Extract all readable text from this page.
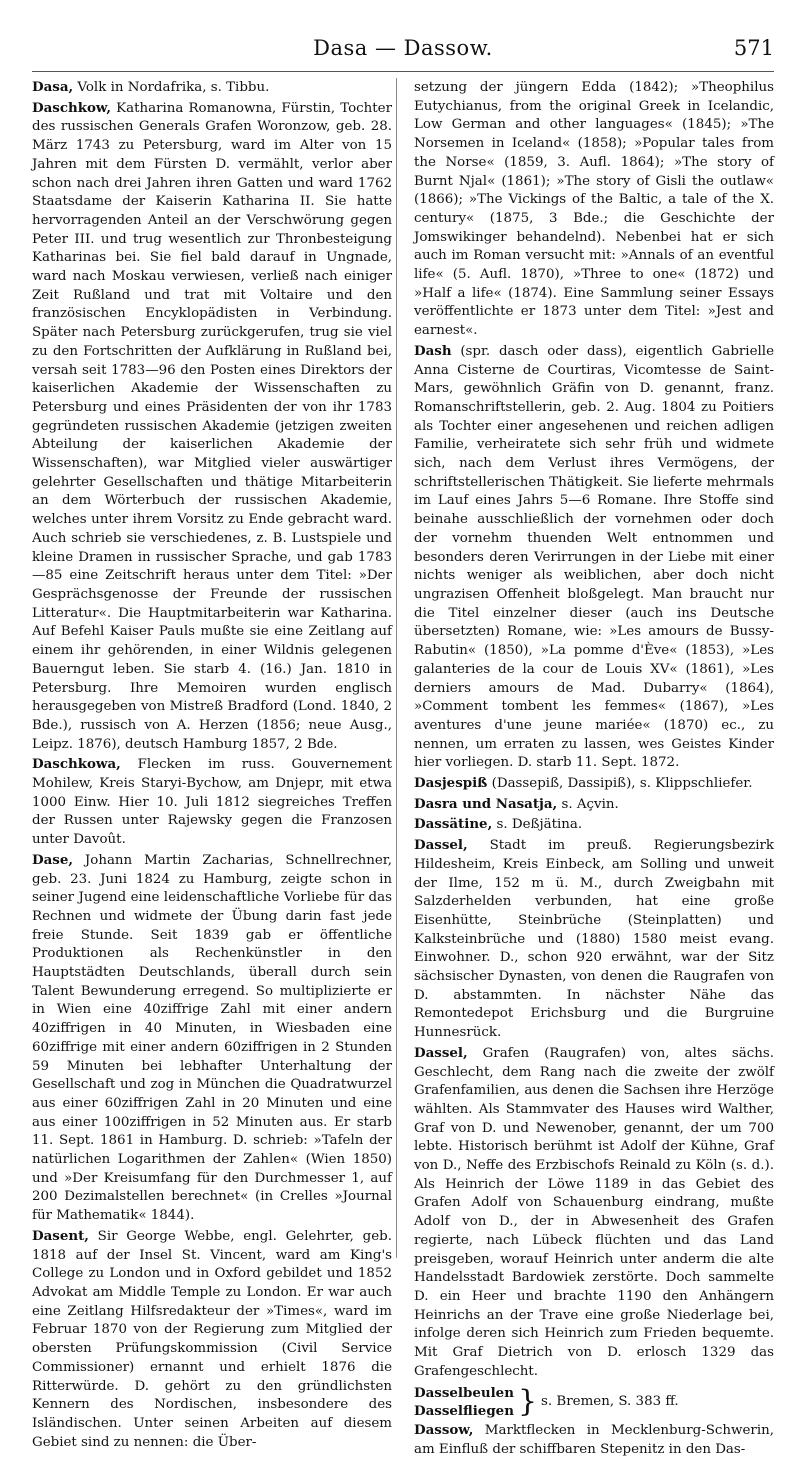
Dasa — Dassow.	571

Dasa, Volk in Nordafrika, s. Tibbu.

Daschkow, Katharina Romanowna, Fürstin, Tochter des russischen Generals Grafen Woronzow, geb. 28. März 1743 zu Petersburg, ward im Alter von 15 Jahren mit dem Fürsten D. vermählt, verlor aber schon nach drei Jahren ihren Gatten und ward 1762 Staatsdame der Kaiserin Katharina II. Sie hatte hervorragenden Anteil an der Verschwörung gegen Peter III. und trug wesentlich zur Thronbesteigung Katharinas bei. Sie fiel bald darauf in Ungnade, ward nach Moskau verwiesen, verließ nach einiger Zeit Rußland und trat mit Voltaire und den französischen Encyklopädisten in Verbindung. Später nach Petersburg zurückgerufen, trug sie viel zu den Fortschritten der Aufklärung in Rußland bei, versah seit 1783—96 den Posten eines Direktors der kaiserlichen Akademie der Wissenschaften zu Petersburg und eines Präsidenten der von ihr 1783 gegründeten russischen Akademie (jetzigen zweiten Abteilung der kaiserlichen Akademie der Wissenschaften), war Mitglied vieler auswärtiger gelehrter Gesellschaften und thätige Mitarbeiterin an dem Wörterbuch der russischen Akademie, welches unter ihrem Vorsitz zu Ende gebracht ward. Auch schrieb sie verschiedenes, z. B. Lustspiele und kleine Dramen in russischer Sprache, und gab 1783—85 eine Zeitschrift heraus unter dem Titel: »Der Gesprächsgenosse der Freunde der russischen Litteratur«. Die Hauptmitarbeiterin war Katharina. Auf Befehl Kaiser Pauls mußte sie eine Zeitlang auf einem ihr gehörenden, in einer Wildnis gelegenen Bauerngut leben. Sie starb 4. (16.) Jan. 1810 in Petersburg. Ihre Memoiren wurden englisch herausgegeben von Mistreß Bradford (Lond. 1840, 2 Bde.), russisch von A. Herzen (1856; neue Ausg., Leipz. 1876), deutsch Hamburg 1857, 2 Bde.

Daschkowa, Flecken im russ. Gouvernement Mohilew, Kreis Staryi-Bychow, am Dnjepr, mit etwa 1000 Einw. Hier 10. Juli 1812 siegreiches Treffen der Russen unter Rajewsky gegen die Franzosen unter Davoût.

Dase, Johann Martin Zacharias, Schnellrechner, geb. 23. Juni 1824 zu Hamburg, zeigte schon in seiner Jugend eine leidenschaftliche Vorliebe für das Rechnen und widmete der Übung darin fast jede freie Stunde. Seit 1839 gab er öffentliche Produktionen als Rechenkünstler in den Hauptstädten Deutschlands, überall durch sein Talent Bewunderung erregend. So multiplizierte er in Wien eine 40ziffrige Zahl mit einer andern 40ziffrigen in 40 Minuten, in Wiesbaden eine 60ziffrige mit einer andern 60ziffrigen in 2 Stunden 59 Minuten bei lebhafter Unterhaltung der Gesellschaft und zog in München die Quadratwurzel aus einer 60ziffrigen Zahl in 20 Minuten und eine aus einer 100ziffrigen in 52 Minuten aus. Er starb 11. Sept. 1861 in Hamburg. D. schrieb: »Tafeln der natürlichen Logarithmen der Zahlen« (Wien 1850) und »Der Kreisumfang für den Durchmesser 1, auf 200 Dezimalstellen berechnet« (in Crelles »Journal für Mathematik« 1844).

Dasent, Sir George Webbe, engl. Gelehrter, geb. 1818 auf der Insel St. Vincent, ward am King's College zu London und in Oxford gebildet und 1852 Advokat am Middle Temple zu London. Er war auch eine Zeitlang Hilfsredakteur der »Times«, ward im Februar 1870 von der Regierung zum Mitglied der obersten Prüfungskommission (Civil Service Commissioner) ernannt und erhielt 1876 die Ritterwürde. D. gehört zu den gründlichsten Kennern des Nordischen, insbesondere des Isländischen. Unter seinen Arbeiten auf diesem Gebiet sind zu nennen: die Über-

setzung der jüngern Edda (1842); »Theophilus Eutychianus, from the original Greek in Icelandic, Low German and other languages« (1845); »The Norsemen in Iceland« (1858); »Popular tales from the Norse« (1859, 3. Aufl. 1864); »The story of Burnt Njal« (1861); »The story of Gisli the outlaw« (1866); »The Vickings of the Baltic, a tale of the X. century« (1875, 3 Bde.; die Geschichte der Jomswikinger behandelnd). Nebenbei hat er sich auch im Roman versucht mit: »Annals of an eventful life« (5. Aufl. 1870), »Three to one« (1872) und »Half a life« (1874). Eine Sammlung seiner Essays veröffentlichte er 1873 unter dem Titel: »Jest and earnest«.

Dash (spr. dasch oder dass), eigentlich Gabrielle Anna Cisterne de Courtiras, Vicomtesse de Saint-Mars, gewöhnlich Gräfin von D. genannt, franz. Romanschriftstellerin, geb. 2. Aug. 1804 zu Poitiers als Tochter einer angesehenen und reichen adligen Familie, verheiratete sich sehr früh und widmete sich, nach dem Verlust ihres Vermögens, der schriftstellerischen Thätigkeit. Sie lieferte mehrmals im Lauf eines Jahrs 5—6 Romane. Ihre Stoffe sind beinahe ausschließlich der vornehmen oder doch der vornehm thuenden Welt entnommen und besonders deren Verirrungen in der Liebe mit einer nichts weniger als weiblichen, aber doch nicht ungrazisen Offenheit bloßgelegt. Man braucht nur die Titel einzelner dieser (auch ins Deutsche übersetzten) Romane, wie: »Les amours de Bussy-Rabutin« (1850), »La pomme d'Ève« (1853), »Les galanteries de la cour de Louis XV« (1861), »Les derniers amours de Mad. Dubarry« (1864), »Comment tombent les femmes« (1867), »Les aventures d'une jeune mariée« (1870) ec., zu nennen, um erraten zu lassen, wes Geistes Kinder hier vorliegen. D. starb 11. Sept. 1872.

Dasjespiß (Dassepiß, Dassipiß), s. Klippschliefer.

Dasra und Nasatja, s. Açvin.

Dassätine, s. Deßjätina.

Dassel, Stadt im preuß. Regierungsbezirk Hildesheim, Kreis Einbeck, am Solling und unweit der Ilme, 152 m ü. M., durch Zweigbahn mit Salzderhelden verbunden, hat eine große Eisenhütte, Steinbrüche (Steinplatten) und Kalksteinbrüche und (1880) 1580 meist evang. Einwohner. D., schon 920 erwähnt, war der Sitz sächsischer Dynasten, von denen die Raugrafen von D. abstammten. In nächster Nähe das Remontedepot Erichsburg und die Burgruine Hunnesrück.

Dassel, Grafen (Raugrafen) von, altes sächs. Geschlecht, dem Rang nach die zweite der zwölf Grafenfamilien, aus denen die Sachsen ihre Herzöge wählten. Als Stammvater des Hauses wird Walther, Graf von D. und Newenober, genannt, der um 700 lebte. Historisch berühmt ist Adolf der Kühne, Graf von D., Neffe des Erzbischofs Reinald zu Köln (s. d.). Als Heinrich der Löwe 1189 in das Gebiet des Grafen Adolf von Schauenburg eindrang, mußte Adolf von D., der in Abwesenheit des Grafen regierte, nach Lübeck flüchten und das Land preisgeben, worauf Heinrich unter anderm die alte Handelsstadt Bardowiek zerstörte. Doch sammelte D. ein Heer und brachte 1190 den Anhängern Heinrichs an der Trave eine große Niederlage bei, infolge deren sich Heinrich zum Frieden bequemte. Mit Graf Dietrich von D. erlosch 1329 das Grafengeschlecht.

Dasselbeulen
Dasselfliegen } s. Bremen, S. 383 ff.

Dassow, Marktflecken in Mecklenburg-Schwerin, am Einfluß der schiffbaren Stepenitz in den Das-
